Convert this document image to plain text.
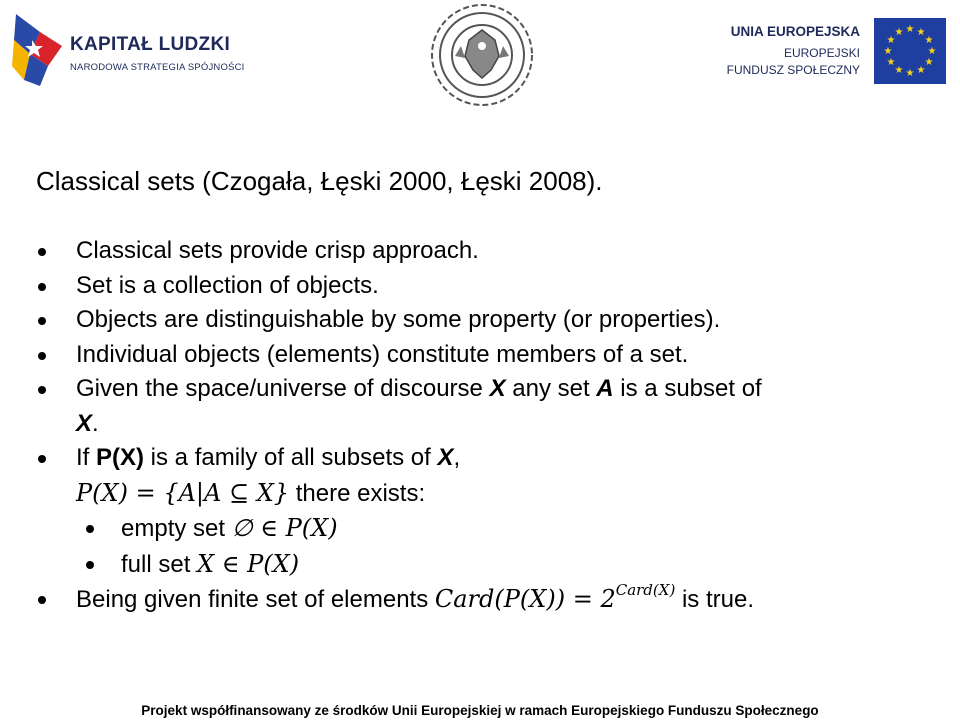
KAPITAŁ LUDZKI
NARODOWA STRATEGIA SPÓJNOŚCI
UNIA EUROPEJSKA
EUROPEJSKI
FUNDUSZ SPOŁECZNY
★ ★
★
★
★
★
★
★
★
★
★
★
Classical sets (Czogała, Łęski 2000, Łęski 2008).
Classical sets provide crisp approach.
Set is a collection of objects.
Objects are distinguishable by some property (or properties).
Individual objects (elements) constitute members of a set.
Given the space/universe of discourse X any set A is a subset of
X.
If P(X) is a family of all subsets of X,
P(X) = {A|A ⊆ X} there exists:
empty set ∅ ∈ P(X)
full set X ∈ P(X)
Being given finite set of elements Card(P(X)) = $2^{Card(X)}$ is true.
Projekt współfinansowany ze środków Unii Europejskiej w ramach Europejskiego Funduszu Społecznego
